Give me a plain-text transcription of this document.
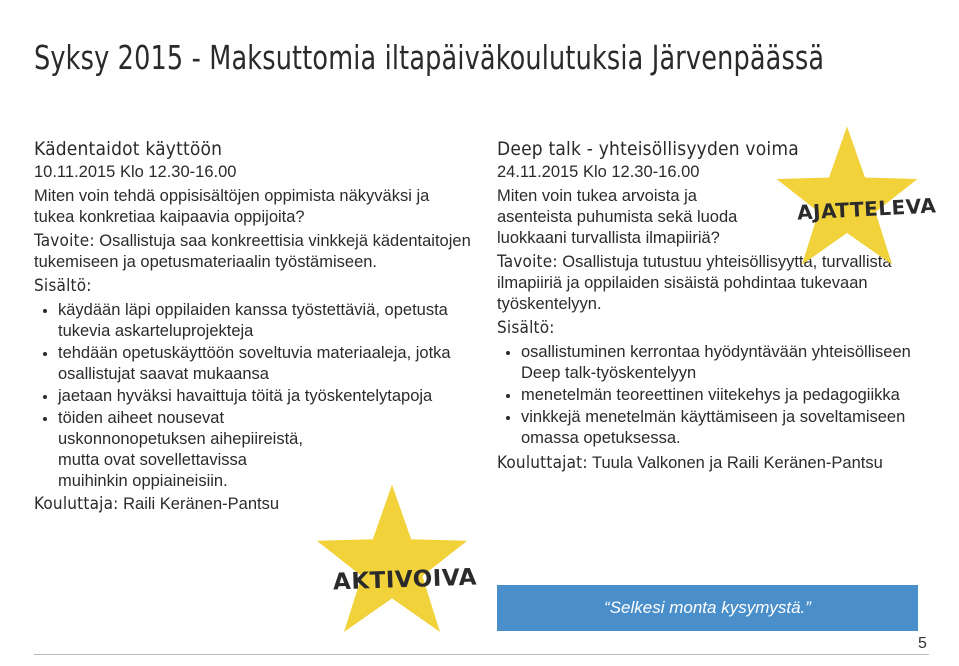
Syksy 2015 - Maksuttomia iltapäiväkoulutuksia Järvenpäässä
Kädentaidot käyttöön

10.11.2015 Klo 12.30-16.00

Miten voin tehdä oppisisältöjen oppimista näkyväksi ja tukea konkretiaa kaipaavia oppijoita?

Tavoite: Osallistuja saa konkreettisia vinkkejä kädentaitojen tukemiseen ja opetusmateriaalin työstämiseen.

Sisältö:

• käydään läpi oppilaiden kanssa työstettäviä, opetusta tukevia askarteluprojekteja
• tehdään opetuskäyttöön soveltuvia materiaaleja, jotka osallistujat saavat mukaansa
• jaetaan hyväksi havaittuja töitä ja työskentelytapoja
• töiden aiheet nousevat uskonnonopetuksen aihepiireistä, mutta ovat sovellettavissa muihinkin oppiaineisiin.

Kouluttaja: Raili Keränen-Pantsu

AKTIVOIVA
Deep talk - yhteisöllisyyden voima

24.11.2015 Klo 12.30-16.00

Miten voin tukea arvoista ja asenteista puhumista sekä luoda luokkaani turvallista ilmapiiriä?

Tavoite: Osallistuja tutustuu yhteisöllisyyttä, turvallista ilmapiiriä ja oppilaiden sisäistä pohdintaa tukevaan työskentelyyn.

Sisältö:

• osallistuminen kerrontaa hyödyntävään yhteisölliseen Deep talk-työskentelyyn
• menetelmän teoreettinen viitekehys ja pedagogiikka
• vinkkejä menetelmän käyttämiseen ja soveltamiseen omassa opetuksessa.

Kouluttajat: Tuula Valkonen ja Raili Keränen-Pantsu

AJATTELEVA
“Selkesi monta kysymystä.”
5
